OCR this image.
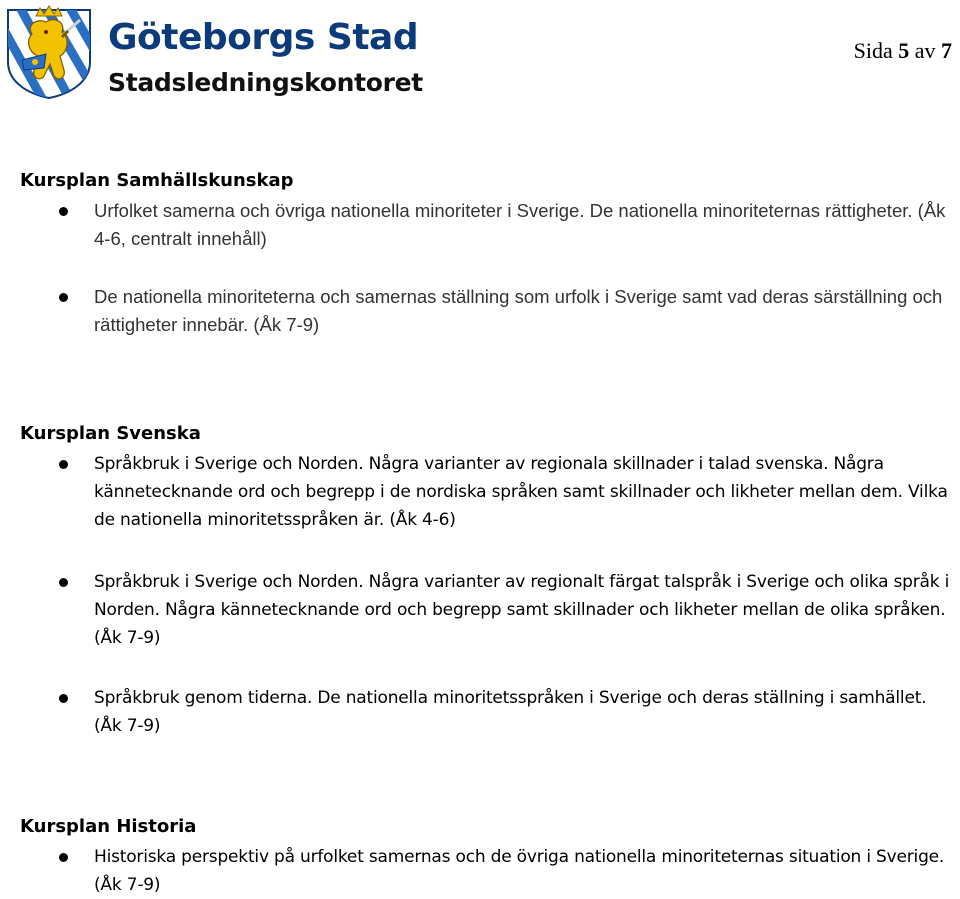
Göteborgs Stad

Stadsledningskontoret

Sida 5 av 7
Kursplan Samhällskunskap
Urfolket samerna och övriga nationella minoriteter i Sverige. De nationella minoriteternas rättigheter. (Åk 4-6, centralt innehåll)
De nationella minoriteterna och samernas ställning som urfolk i Sverige samt vad deras särställning och rättigheter innebär. (Åk 7-9)
Kursplan Svenska
Språkbruk i Sverige och Norden. Några varianter av regionala skillnader i talad svenska. Några kännetecknande ord och begrepp i de nordiska språken samt skillnader och likheter mellan dem. Vilka de nationella minoritetsspråken är. (Åk 4-6)
Språkbruk i Sverige och Norden. Några varianter av regionalt färgat talspråk i Sverige och olika språk i Norden. Några kännetecknande ord och begrepp samt skillnader och likheter mellan de olika språken. (Åk 7-9)
Språkbruk genom tiderna. De nationella minoritetsspråken i Sverige och deras ställning i samhället. (Åk 7-9)
Kursplan Historia
Historiska perspektiv på urfolket samernas och de övriga nationella minoriteternas situation i Sverige. (Åk 7-9)
